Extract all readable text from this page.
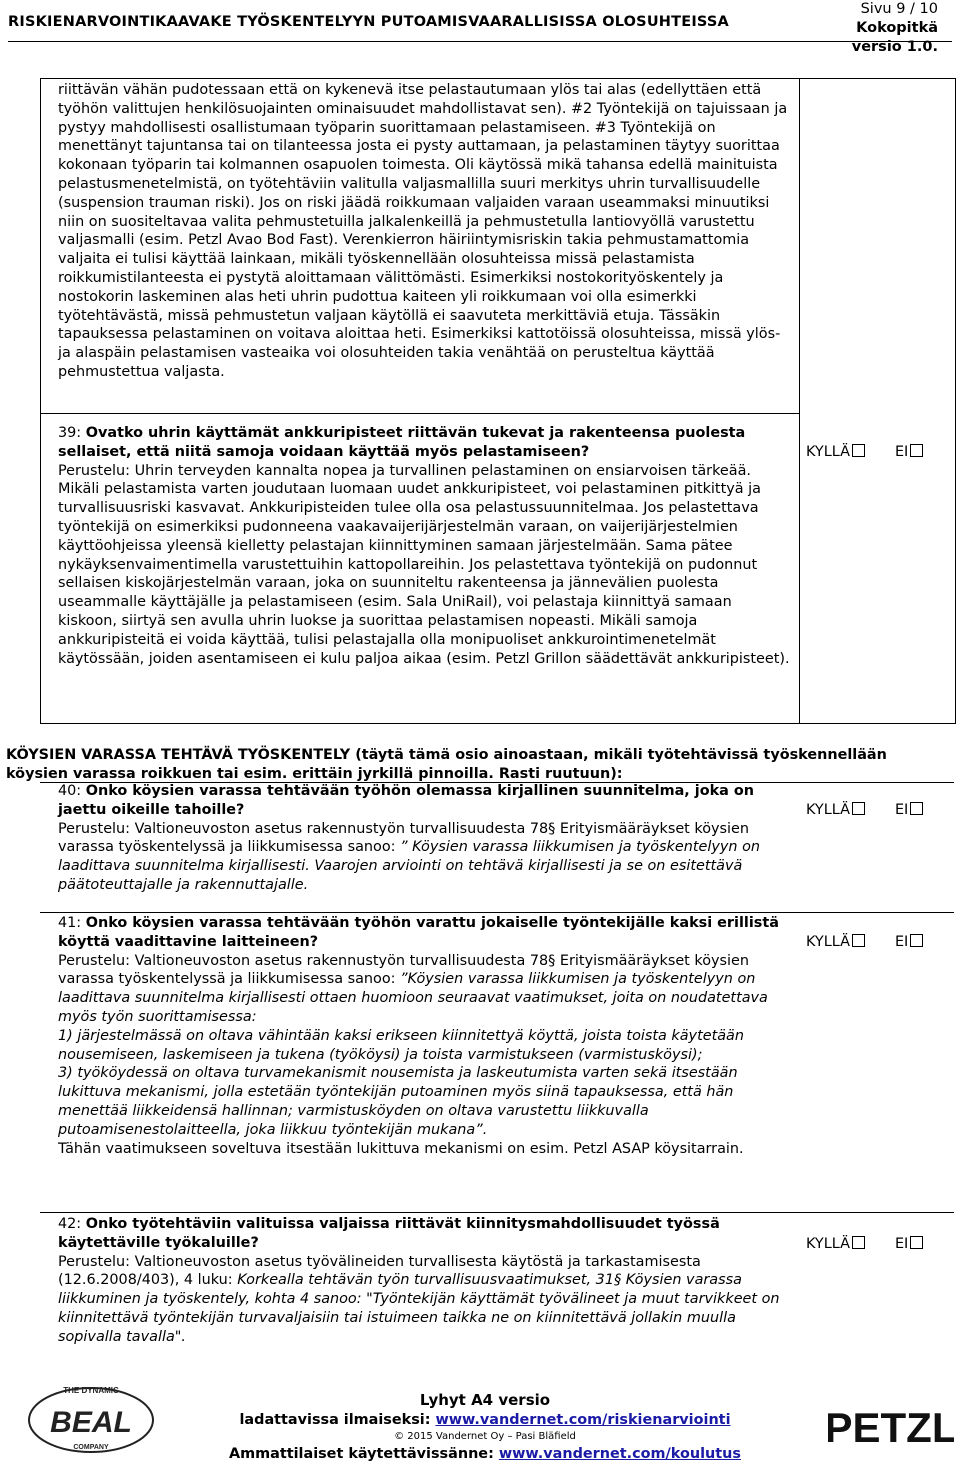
RISKIENARVOINTIKAAVAKE TYÖSKENTELYYN PUTOAMISVAARALLISISSA OLOSUHTEISSA
Sivu 9 / 10
Kokopitkä
versio 1.0.
riittävän vähän pudotessaan että on kykenevä itse pelastautumaan ylös tai alas (edellyttäen että työhön valittujen henkilösuojainten ominaisuudet mahdollistavat sen). #2 Työntekijä on tajuissaan ja pystyy mahdollisesti osallistumaan työparin suorittamaan pelastamiseen. #3 Työntekijä on menettänyt tajuntansa tai on tilanteessa josta ei pysty auttamaan, ja pelastaminen täytyy suorittaa kokonaan työparin tai kolmannen osapuolen toimesta. Oli käytössä mikä tahansa edellä mainituista pelastusmenetelmistä, on työtehtäviin valitulla valjasmallilla suuri merkitys uhrin turvallisuudelle (suspension trauman riski). Jos on riski jäädä roikkumaan valjaiden varaan useammaksi minuutiksi niin on suositeltavaa valita pehmustetuilla jalkalenkeillä ja pehmustetulla lantiovyöllä varustettu valjasmalli (esim. Petzl Avao Bod Fast). Verenkierron häiriintymisriskin takia pehmustamattomia valjaita ei tulisi käyttää lainkaan, mikäli työskennellään olosuhteissa missä pelastamista roikkumistilanteesta ei pystytä aloittamaan välittömästi. Esimerkiksi nostokorityöskentely ja nostokorin laskeminen alas heti uhrin pudottua kaiteen yli roikkumaan voi olla esimerkki työtehtävästä, missä pehmustetun valjaan käytöllä ei saavuteta merkittäviä etuja. Tässäkin tapauksessa pelastaminen on voitava aloittaa heti. Esimerkiksi kattotöissä olosuhteissa, missä ylös- ja alaspäin pelastamisen vasteaika voi olosuhteiden takia venähtää on perusteltua käyttää pehmustettua valjasta.
39: Ovatko uhrin käyttämät ankkuripisteet riittävän tukevat ja rakenteensa puolesta sellaiset, että niitä samoja voidaan käyttää myös pelastamiseen?
Perustelu: Uhrin terveyden kannalta nopea ja turvallinen pelastaminen on ensiarvoisen tärkeää. Mikäli pelastamista varten joudutaan luomaan uudet ankkuripisteet, voi pelastaminen pitkittyä ja turvallisuusriski kasvavat. Ankkuripisteiden tulee olla osa pelastussuunnitelmaa. Jos pelastettava työntekijä on esimerkiksi pudonneena vaakavaijerijärjestelmän varaan, on vaijerijärjestelmien käyttöohjeissa yleensä kielletty pelastajan kiinnittyminen samaan järjestelmään. Sama pätee nykäyksenvaimentimella varustettuihin kattopollareihin. Jos pelastettava työntekijä on pudonnut sellaisen kiskojärjestelmän varaan, joka on suunniteltu rakenteensa ja jännevälien puolesta useammalle käyttäjälle ja pelastamiseen (esim. Sala UniRail), voi pelastaja kiinnittyä samaan kiskoon, siirtyä sen avulla uhrin luokse ja suorittaa pelastamisen nopeasti. Mikäli samoja ankkuripisteitä ei voida käyttää, tulisi pelastajalla olla monipuoliset ankkurointimenetelmät käytössään, joiden asentamiseen ei kulu paljoa aikaa (esim. Petzl Grillon säädettävät ankkuripisteet).
KYLLÄ	EI
KÖYSIEN VARASSA TEHTÄVÄ TYÖSKENTELY (täytä tämä osio ainoastaan, mikäli työtehtävissä työskennellään köysien varassa roikkuen tai esim. erittäin jyrkillä pinnoilla. Rasti ruutuun):
40: Onko köysien varassa tehtävään työhön olemassa kirjallinen suunnitelma, joka on jaettu oikeille tahoille?
Perustelu: Valtioneuvoston asetus rakennustyön turvallisuudesta 78§ Erityismääräykset köysien varassa työskentelyssä ja liikkumisessa sanoo: ” Köysien varassa liikkumisen ja työskentelyyn on laadittava suunnitelma kirjallisesti. Vaarojen arviointi on tehtävä kirjallisesti ja se on esitettävä päätoteuttajalle ja rakennuttajalle.
KYLLÄ	EI
41: Onko köysien varassa tehtävään työhön varattu jokaiselle työntekijälle kaksi erillistä köyttä vaadittavine laitteineen?
Perustelu: Valtioneuvoston asetus rakennustyön turvallisuudesta 78§ Erityismääräykset köysien varassa työskentelyssä ja liikkumisessa sanoo: ”Köysien varassa liikkumisen ja työskentelyyn on laadittava suunnitelma kirjallisesti ottaen huomioon seuraavat vaatimukset, joita on noudatettava myös työn suorittamisessa:
1) järjestelmässä on oltava vähintään kaksi erikseen kiinnitettyä köyttä, joista toista käytetään nousemiseen, laskemiseen ja tukena (työköysi) ja toista varmistukseen (varmistusköysi);
3) työköydessä on oltava turvamekanismit nousemista ja laskeutumista varten sekä itsestään lukittuva mekanismi, jolla estetään työntekijän putoaminen myös siinä tapauksessa, että hän menettää liikkeidensä hallinnan; varmistusköyden on oltava varustettu liikkuvalla putoamisenestolaitteella, joka liikkuu työntekijän mukana”.
Tähän vaatimukseen soveltuva itsestään lukittuva mekanismi on esim. Petzl ASAP köysitarrain.
KYLLÄ	EI
42: Onko työtehtäviin valituissa valjaissa riittävät kiinnitysmahdollisuudet työssä käytettäville työkaluille?
Perustelu: Valtioneuvoston asetus työvälineiden turvallisesta käytöstä ja tarkastamisesta (12.6.2008/403), 4 luku: Korkealla tehtävän työn turvallisuusvaatimukset, 31§ Köysien varassa liikkuminen ja työskentely, kohta 4 sanoo: "Työntekijän käyttämät työvälineet ja muut tarvikkeet on kiinnitettävä työntekijän turvavaljaisiin tai istuimeen taikka ne on kiinnitettävä jollakin muulla sopivalla tavalla".
KYLLÄ	EI
THE DYNAMIC
BEAL
COMPANY
Lyhyt A4 versio
ladattavissa ilmaiseksi: www.vandernet.com/riskienarviointi
© 2015 Vandernet Oy – Pasi Bläfield
Ammattilaiset käytettävissänne: www.vandernet.com/koulutus
PETZL
